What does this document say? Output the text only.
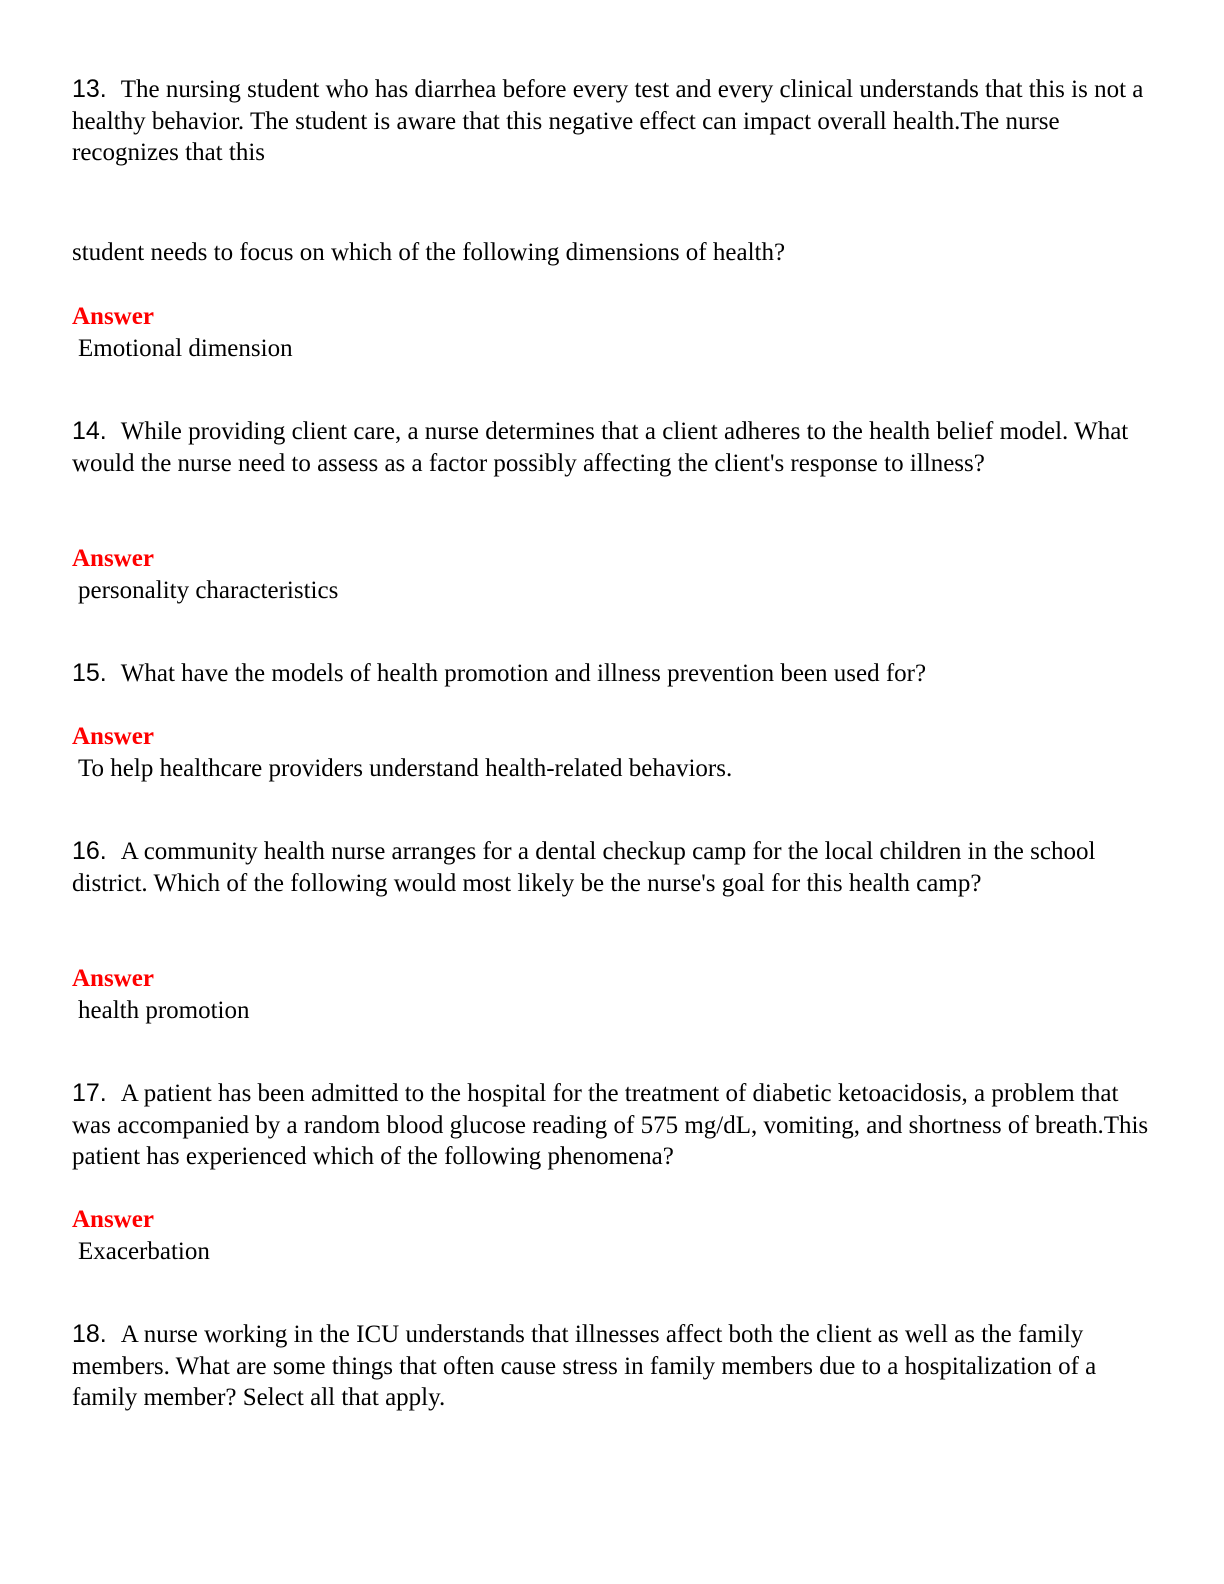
13. The nursing student who has diarrhea before every test and every clinical understands that this is not a healthy behavior. The student is aware that this negative effect can impact overall health.The nurse recognizes that this

student needs to focus on which of the following dimensions of health?

Answer

Emotional dimension

14. While providing client care, a nurse determines that a client adheres to the health belief model. What would the nurse need to assess as a factor possibly affecting the client's response to illness?

Answer

personality characteristics

15. What have the models of health promotion and illness prevention been used for?

Answer

To help healthcare providers understand health-related behaviors.

16. A community health nurse arranges for a dental checkup camp for the local children in the school district. Which of the following would most likely be the nurse's goal for this health camp?

Answer

health promotion

17. A patient has been admitted to the hospital for the treatment of diabetic ketoacidosis, a problem that was accompanied by a random blood glucose reading of 575 mg/dL, vomiting, and shortness of breath.This patient has experienced which of the following phenomena?

Answer

Exacerbation

18. A nurse working in the ICU understands that illnesses affect both the client as well as the family members. What are some things that often cause stress in family members due to a hospitalization of a family member? Select all that apply.
